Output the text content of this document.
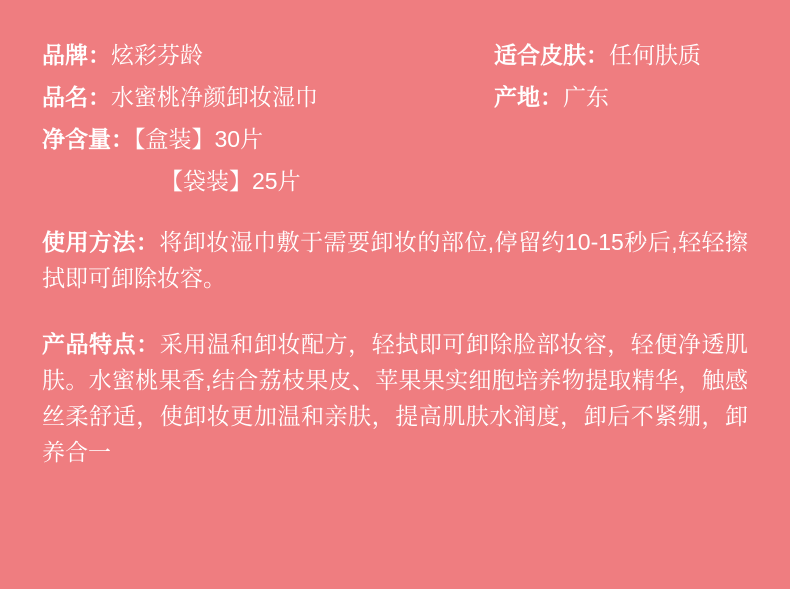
品牌：炫彩芬龄	适合皮肤：任何肤质
品名：水蜜桃净颜卸妆湿巾	产地：广东
净含量：【盒装】30片	
【袋装】25片	
使用方法：将卸妆湿巾敷于需要卸妆的部位,停留约10-15秒后,轻轻擦拭即可卸除妆容。
产品特点：采用温和卸妆配方，轻拭即可卸除脸部妆容，轻便净透肌肤。水蜜桃果香,结合荔枝果皮、苹果果实细胞培养物提取精华，触感丝柔舒适，使卸妆更加温和亲肤，提高肌肤水润度，卸后不紧绷，卸养合一
